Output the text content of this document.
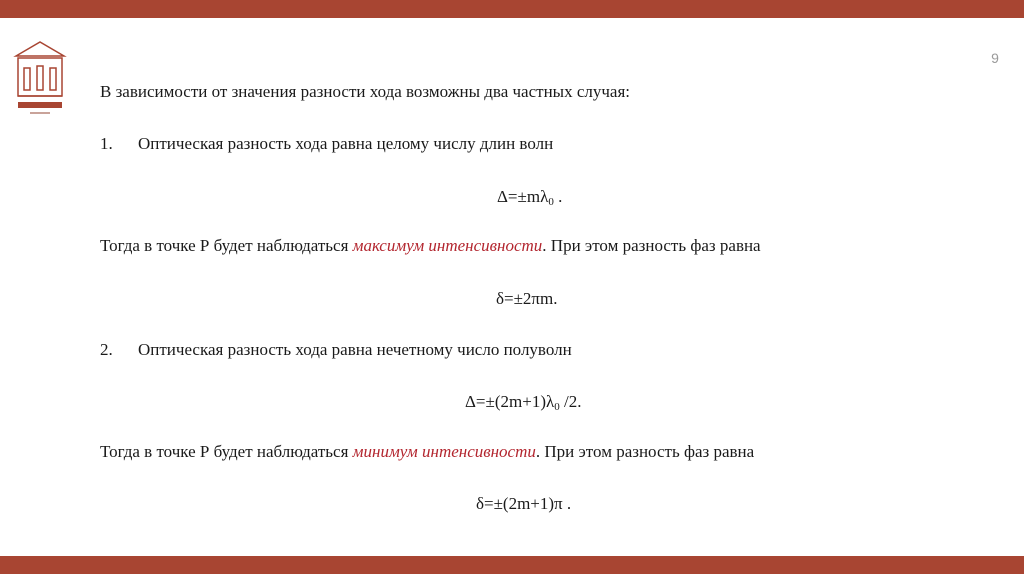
9
В зависимости от значения разности хода возможны два частных случая:
1. Оптическая разность хода равна целому числу длин волн
$\Delta=\pm m\lambda_0$ .
Тогда в точке Р будет наблюдаться максимум интенсивности. При этом разность фаз равна
δ=±2πm.
2. Оптическая разность хода равна нечетному число полуволн
$\Delta=\pm(2m+1)\lambda_0$ /2.
Тогда в точке Р будет наблюдаться минимум интенсивности. При этом разность фаз равна
δ=±(2m+1)π .
